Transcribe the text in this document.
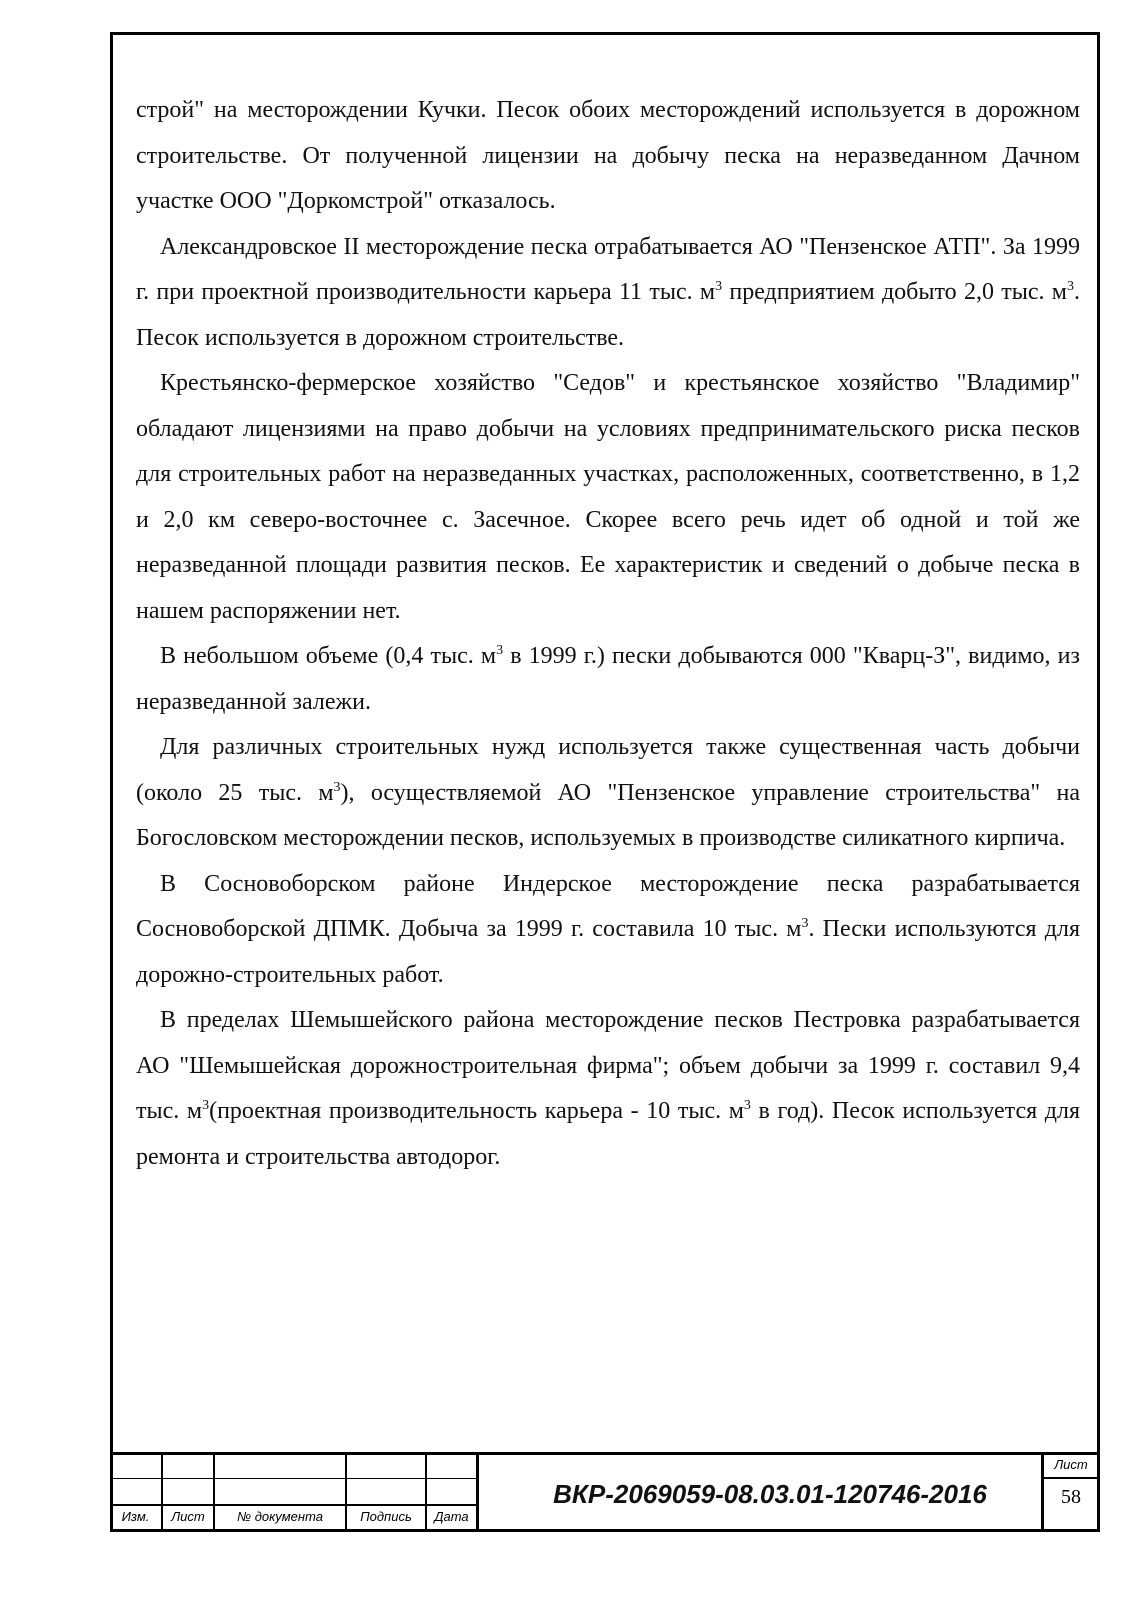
строй" на месторождении Кучки. Песок обоих месторождений используется в дорожном строительстве. От полученной лицензии на добычу песка на неразведанном Дачном участке ООО "Доркомстрой" отказалось.

Александровское II месторождение песка отрабатывается АО "Пензенское АТП". За 1999 г. при проектной производительности карьера 11 тыс. $м^3$ предприятием добыто 2,0 тыс. $м^3$. Песок используется в дорожном строительстве.

Крестьянско-фермерское хозяйство "Седов" и крестьянское хозяйство "Владимир" обладают лицензиями на право добычи на условиях предпринимательского риска песков для строительных работ на неразведанных участках, расположенных, соответственно, в 1,2 и 2,0 км северо-восточнее с. Засечное. Скорее всего речь идет об одной и той же неразведанной площади развития песков. Ее характеристик и сведений о добыче песка в нашем распоряжении нет.

В небольшом объеме (0,4 тыс. $м^3$ в 1999 г.) пески добываются 000 "Кварц-З", видимо, из неразведанной залежи.

Для различных строительных нужд используется также существенная часть добычи (около 25 тыс. $м^3$), осуществляемой АО "Пензенское управление строительства" на Богословском месторождении песков, используемых в производстве силикатного кирпича.

В Сосновоборском районе Индерское месторождение песка разрабатывается Сосновоборской ДПМК. Добыча за 1999 г. составила 10 тыс. $м^3$. Пески используются для дорожно-строительных работ.

В пределах Шемышейского района месторождение песков Пестровка разрабатывается АО "Шемышейская дорожностроительная фирма"; объем добычи за 1999 г. составил 9,4 тыс. $м^3(проектная$ производительность карьера - 10 тыс. $м^3$ в год). Песок используется для ремонта и строительства автодорог.

Изм.	Лист	№ документа	Подпись	Дата
ВКР-2069059-08.03.01-120746-2016
Лист
58
